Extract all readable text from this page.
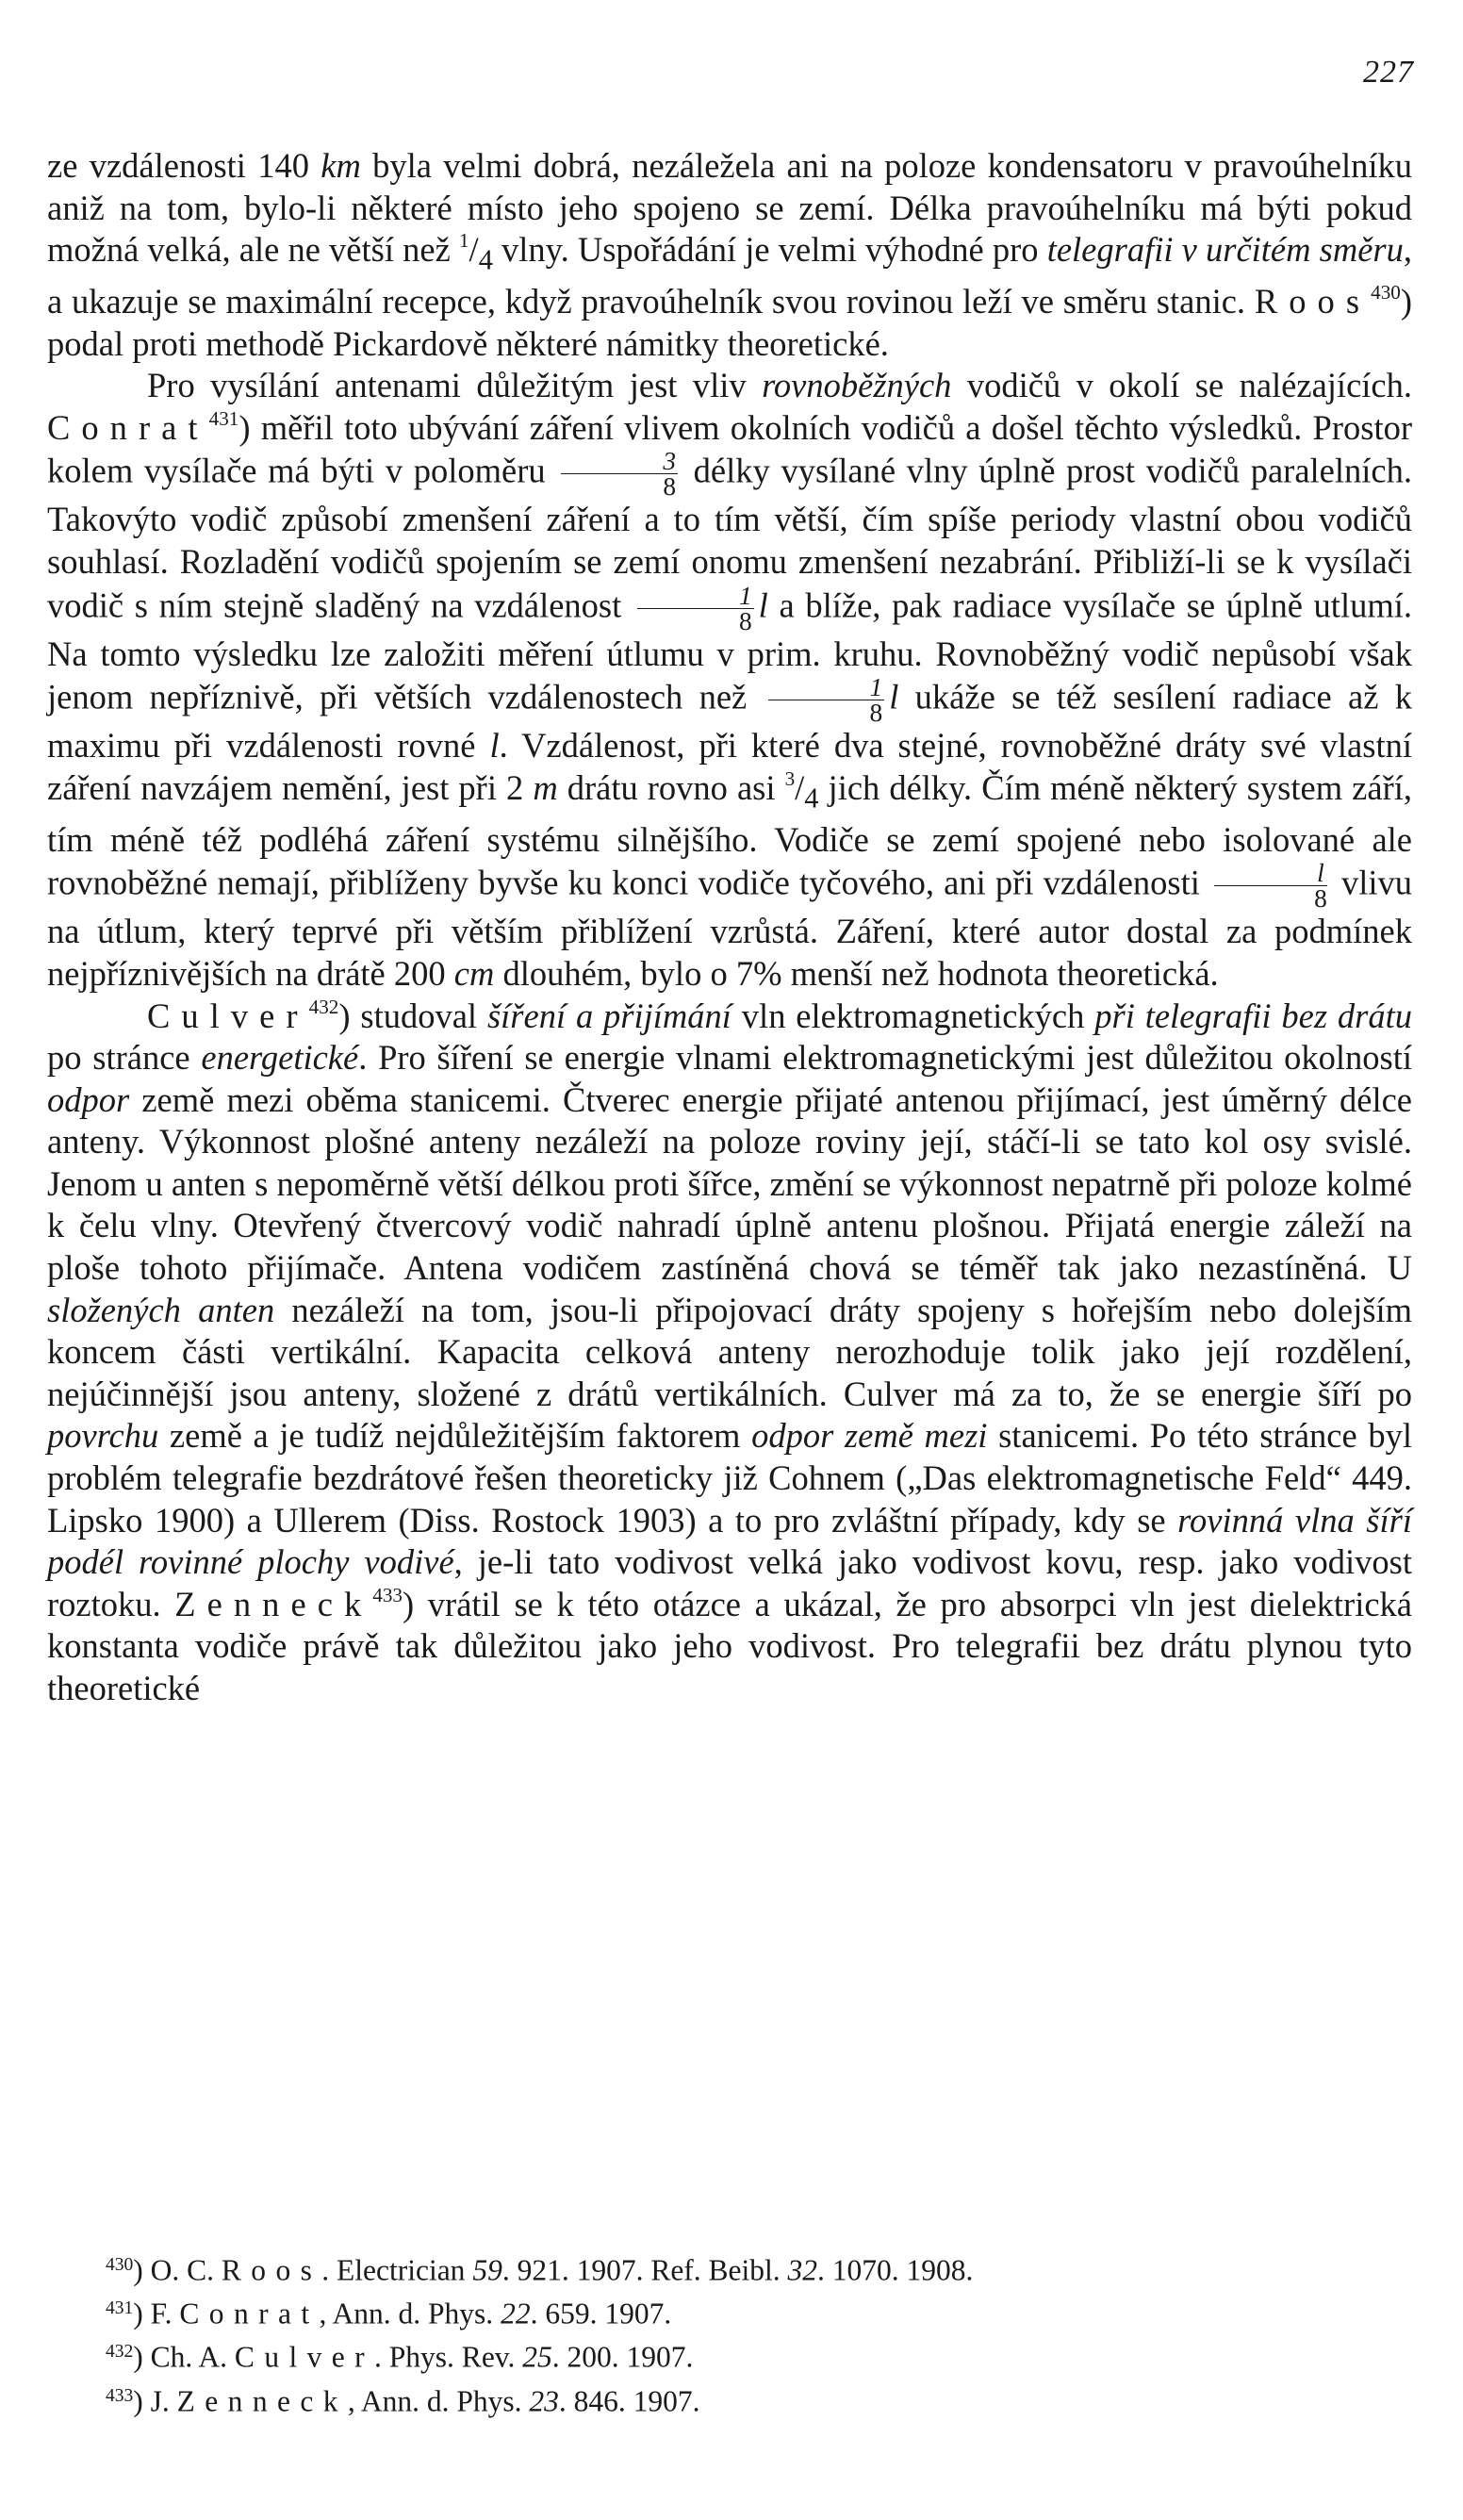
227

ze vzdálenosti 140 km byla velmi dobrá, nezáležela ani na poloze kondensatoru v pravoúhelníku aniž na tom, bylo-li některé místo jeho spojeno se zemí. Délka pravoúhelníku má býti pokud možná velká, ale ne větší než $^1/_4$ vlny. Uspořádání je velmi výhodné pro telegrafii v určitém směru, a ukazuje se maximální recepce, když pravoúhelník svou rovinou leží ve směru stanic. Roos$^{430}$) podal proti methodě Pickardově některé námitky theoretické.

Pro vysílání antenami důležitým jest vliv rovnoběžných vodičů v okolí se nalézajících. Conrat$^{431}$) měřil toto ubývání záření vlivem okolních vodičů a došel těchto výsledků. Prostor kolem vysílače má býti v poloměru $\frac{3}{8}$ délky vysílané vlny úplně prost vodičů paralelních. Takovýto vodič způsobí zmenšení záření a to tím větší, čím spíše periody vlastní obou vodičů souhlasí. Rozladění vodičů spojením se zemí onomu zmenšení nezabrání. Přibliží-li se k vysílači vodič s ním stejně sladěný na vzdálenost $\frac{1}{8}$ l a blíže, pak radiace vysílače se úplně utlumí. Na tomto výsledku lze založiti měření útlumu v prim. kruhu. Rovnoběžný vodič nepůsobí však jenom nepříznivě, při větších vzdálenostech než $\frac{1}{8}$ l ukáže se též sesílení radiace až k maximu při vzdálenosti rovné l. Vzdálenost, při které dva stejné, rovnoběžné dráty své vlastní záření navzájem nemění, jest při 2 m drátu rovno asi $^3/_4$ jich délky. Čím méně některý system září, tím méně též podléhá záření systému silnějšího. Vodiče se zemí spojené nebo isolované ale rovnoběžné nemají, přiblíženy byvše ku konci vodiče tyčového, ani při vzdálenosti $\frac{l}{8}$ vlivu na útlum, který teprvé při větším přiblížení vzrůstá. Záření, které autor dostal za podmínek nejpříznivějších na drátě 200 cm dlouhém, bylo o 7% menší než hodnota theoretická.

Culver$^{432}$) studoval šíření a přijímání vln elektromagnetických při telegrafii bez drátu po stránce energetické. Pro šíření se energie vlnami elektromagnetickými jest důležitou okolností odpor země mezi oběma stanicemi. Čtverec energie přijaté antenou přijímací, jest úměrný délce anteny. Výkonnost plošné anteny nezáleží na poloze roviny její, stáčí-li se tato kol osy svislé. Jenom u anten s nepoměrně větší délkou proti šířce, změní se výkonnost nepatrně při poloze kolmé k čelu vlny. Otevřený čtvercový vodič nahradí úplně antenu plošnou. Přijatá energie záleží na ploše tohoto přijímače. Antena vodičem zastíněná chová se téměř tak jako nezastíněná. U složených anten nezáleží na tom, jsou-li připojovací dráty spojeny s hořejším nebo dolejším koncem části vertikální. Kapacita celková anteny nerozhoduje tolik jako její rozdělení, nejúčinnější jsou anteny, složené z drátů vertikálních. Culver má za to, že se energie šíří po povrchu země a je tudíž nejdůležitějším faktorem odpor země mezi stanicemi. Po této stránce byl problém telegrafie bezdrátové řešen theoreticky již Cohnem („Das elektromagnetische Feld“ 449. Lipsko 1900) a Ullerem (Diss. Rostock 1903) a to pro zvláštní případy, kdy se rovinná vlna šíří podél rovinné plochy vodivé, je-li tato vodivost velká jako vodivost kovu, resp. jako vodivost roztoku. Zenneck$^{433}$) vrátil se k této otázce a ukázal, že pro absorpci vln jest dielektrická konstanta vodiče právě tak důležitou jako jeho vodivost. Pro telegrafii bez drátu plynou tyto theoretické

$^{430}$) O. C. Roos. Electrician 59. 921. 1907. Ref. Beibl. 32. 1070. 1908.

$^{431}$) F. Conrat, Ann. d. Phys. 22. 659. 1907.

$^{432}$) Ch. A. Culver. Phys. Rev. 25. 200. 1907.

$^{433}$) J. Zenneck, Ann. d. Phys. 23. 846. 1907.
